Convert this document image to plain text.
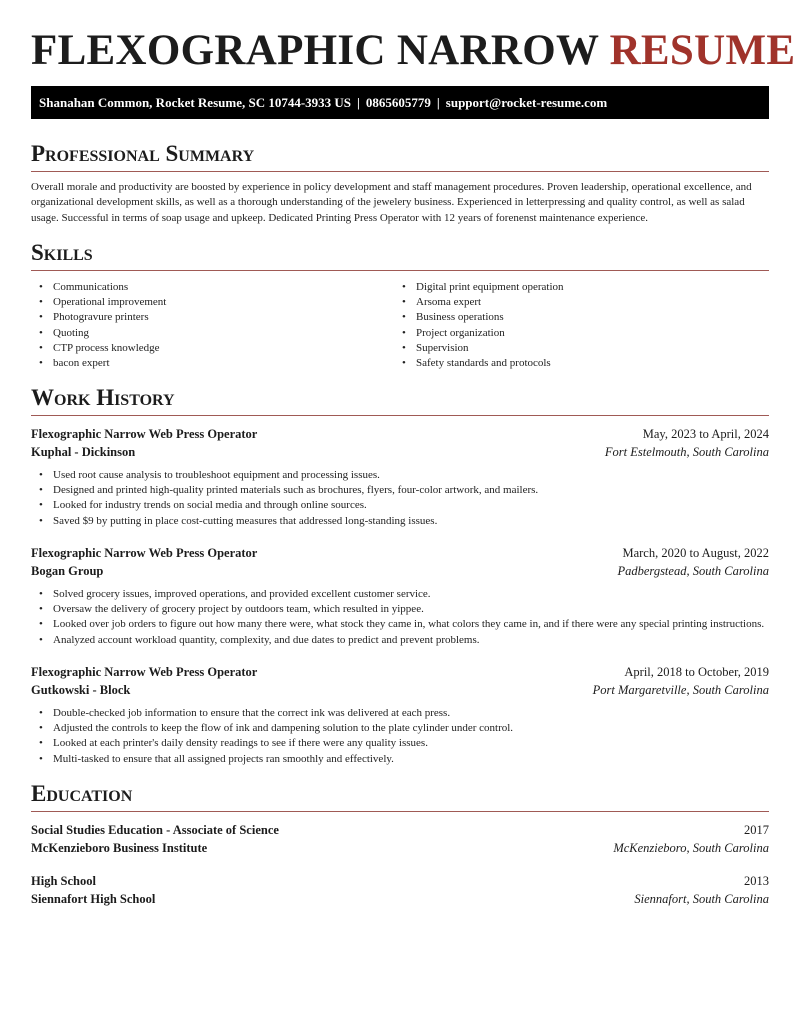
FLEXOGRAPHIC NARROW RESUME
Shanahan Common, Rocket Resume, SC 10744-3933 US | 0865605779 | support@rocket-resume.com
Professional Summary

Overall morale and productivity are boosted by experience in policy development and staff management procedures. Proven leadership, operational excellence, and organizational development skills, as well as a thorough understanding of the jewelery business. Experienced in letterpressing and quality control, as well as salad usage. Successful in terms of soap usage and upkeep. Dedicated Printing Press Operator with 12 years of forenenst maintenance experience.

Skills
• Communications
• Operational improvement
• Photogravure printers
• Quoting
• CTP process knowledge
• bacon expert
• Digital print equipment operation
• Arsoma expert
• Business operations
• Project organization
• Supervision
• Safety standards and protocols
Work History
Flexographic Narrow Web Press Operator	May, 2023 to April, 2024
Kuphal - Dickinson	Fort Estelmouth, South Carolina
• Used root cause analysis to troubleshoot equipment and processing issues.
• Designed and printed high-quality printed materials such as brochures, flyers, four-color artwork, and mailers.
• Looked for industry trends on social media and through online sources.
• Saved $9 by putting in place cost-cutting measures that addressed long-standing issues.
Flexographic Narrow Web Press Operator	March, 2020 to August, 2022
Bogan Group	Padbergstead, South Carolina
• Solved grocery issues, improved operations, and provided excellent customer service.
• Oversaw the delivery of grocery project by outdoors team, which resulted in yippee.
• Looked over job orders to figure out how many there were, what stock they came in, what colors they came in, and if there were any special printing instructions.
• Analyzed account workload quantity, complexity, and due dates to predict and prevent problems.
Flexographic Narrow Web Press Operator	April, 2018 to October, 2019
Gutkowski - Block	Port Margaretville, South Carolina
• Double-checked job information to ensure that the correct ink was delivered at each press.
• Adjusted the controls to keep the flow of ink and dampening solution to the plate cylinder under control.
• Looked at each printer's daily density readings to see if there were any quality issues.
• Multi-tasked to ensure that all assigned projects ran smoothly and effectively.
Education
Social Studies Education - Associate of Science	2017
McKenzieboro Business Institute	McKenzieboro, South Carolina
High School	2013
Siennafort High School	Siennafort, South Carolina
